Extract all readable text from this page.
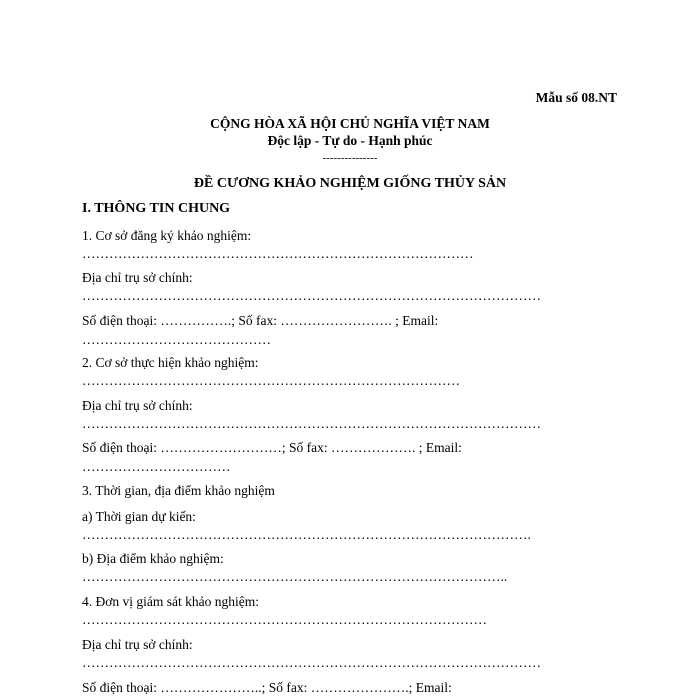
Mẫu số 08.NT

CỘNG HÒA XÃ HỘI CHỦ NGHĨA VIỆT NAM

Độc lập - Tự do - Hạnh phúc

---------------

ĐỀ CƯƠNG KHẢO NGHIỆM GIỐNG THỦY SẢN

I. THÔNG TIN CHUNG

1. Cơ sở đăng ký khảo nghiệm:

……………………………………………………………………………

Địa chỉ trụ sở chính:

…………………………………………………………………………………………

Số điện thoại: …………….; Số fax: ……………………. ; Email:

……………………………………

2. Cơ sở thực hiện khảo nghiệm:

…………………………………………………………………………

Địa chỉ trụ sở chính:

…………………………………………………………………………………………

Số điện thoại: ………………………; Số fax: ………………. ; Email:

……………………………

3. Thời gian, địa điểm khảo nghiệm

a) Thời gian dự kiến:

……………………………………………………………………………………….

b) Địa điểm khảo nghiệm:

…………………………………………………………………………………..

4. Đơn vị giám sát khảo nghiệm:

………………………………………………………………………………

Địa chỉ trụ sở chính:

…………………………………………………………………………………………

Số điện thoại: …………………..; Số fax: ………………….; Email:
